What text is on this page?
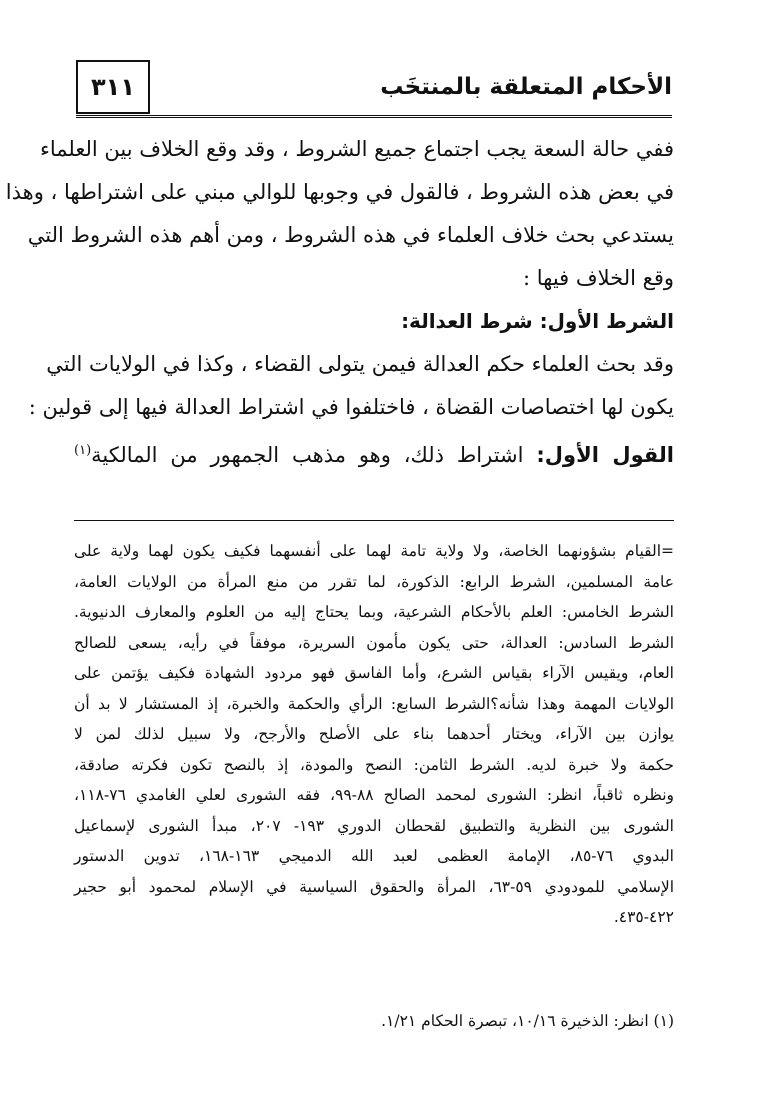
الأحكام المتعلقة بالمنتخَب
٣١١
ففي حالة السعة يجب اجتماع جميع الشروط ، وقد وقع الخلاف بين العلماء
في بعض هذه الشروط ، فالقول في وجوبها للوالي مبني على اشتراطها ، وهذا
يستدعي بحث خلاف العلماء في هذه الشروط ، ومن أهم هذه الشروط التي
وقع الخلاف فيها :
الشرط الأول: شرط العدالة:
وقد بحث العلماء حكم العدالة فيمن يتولى القضاء ، وكذا في الولايات التي
يكون لها اختصاصات القضاة ، فاختلفوا في اشتراط العدالة فيها إلى قولين :
القول الأول: اشتراط ذلك، وهو مذهب الجمهور من المالكية$^{(١)}$
=القيام بشؤونهما الخاصة، ولا ولاية تامة لهما على أنفسهما فكيف يكون لهما ولاية على
عامة المسلمين، الشرط الرابع: الذكورة، لما تقرر من منع المرأة من الولايات العامة،
الشرط الخامس: العلم بالأحكام الشرعية، وبما يحتاج إليه من العلوم والمعارف الدنيوية.
الشرط السادس: العدالة، حتى يكون مأمون السريرة، موفقاً في رأيه، يسعى للصالح
العام، ويقيس الآراء بقياس الشرع، وأما الفاسق فهو مردود الشهادة فكيف يؤتمن على
الولايات المهمة وهذا شأنه؟الشرط السابع: الرأي والحكمة والخبرة، إذ المستشار لا بد أن
يوازن بين الآراء، ويختار أحدهما بناء على الأصلح والأرجح، ولا سبيل لذلك لمن لا
حكمة ولا خبرة لديه. الشرط الثامن: النصح والمودة، إذ بالنصح تكون فكرته صادقة،
ونظره ثاقباً، انظر: الشورى لمحمد الصالح ٨٨-٩٩، فقه الشورى لعلي الغامدي ٧٦-١١٨،
الشورى بين النظرية والتطبيق لقحطان الدوري ١٩٣- ٢٠٧، مبدأ الشورى لإسماعيل
البدوي ٧٦-٨٥، الإمامة العظمى لعبد الله الدميجي ١٦٣-١٦٨، تدوين الدستور
الإسلامي للمودودي ٥٩-٦٣، المرأة والحقوق السياسية في الإسلام لمحمود أبو حجير
٤٢٢-٤٣٥.
(١) انظر: الذخيرة ١٠/١٦، تبصرة الحكام ١/٢١.
